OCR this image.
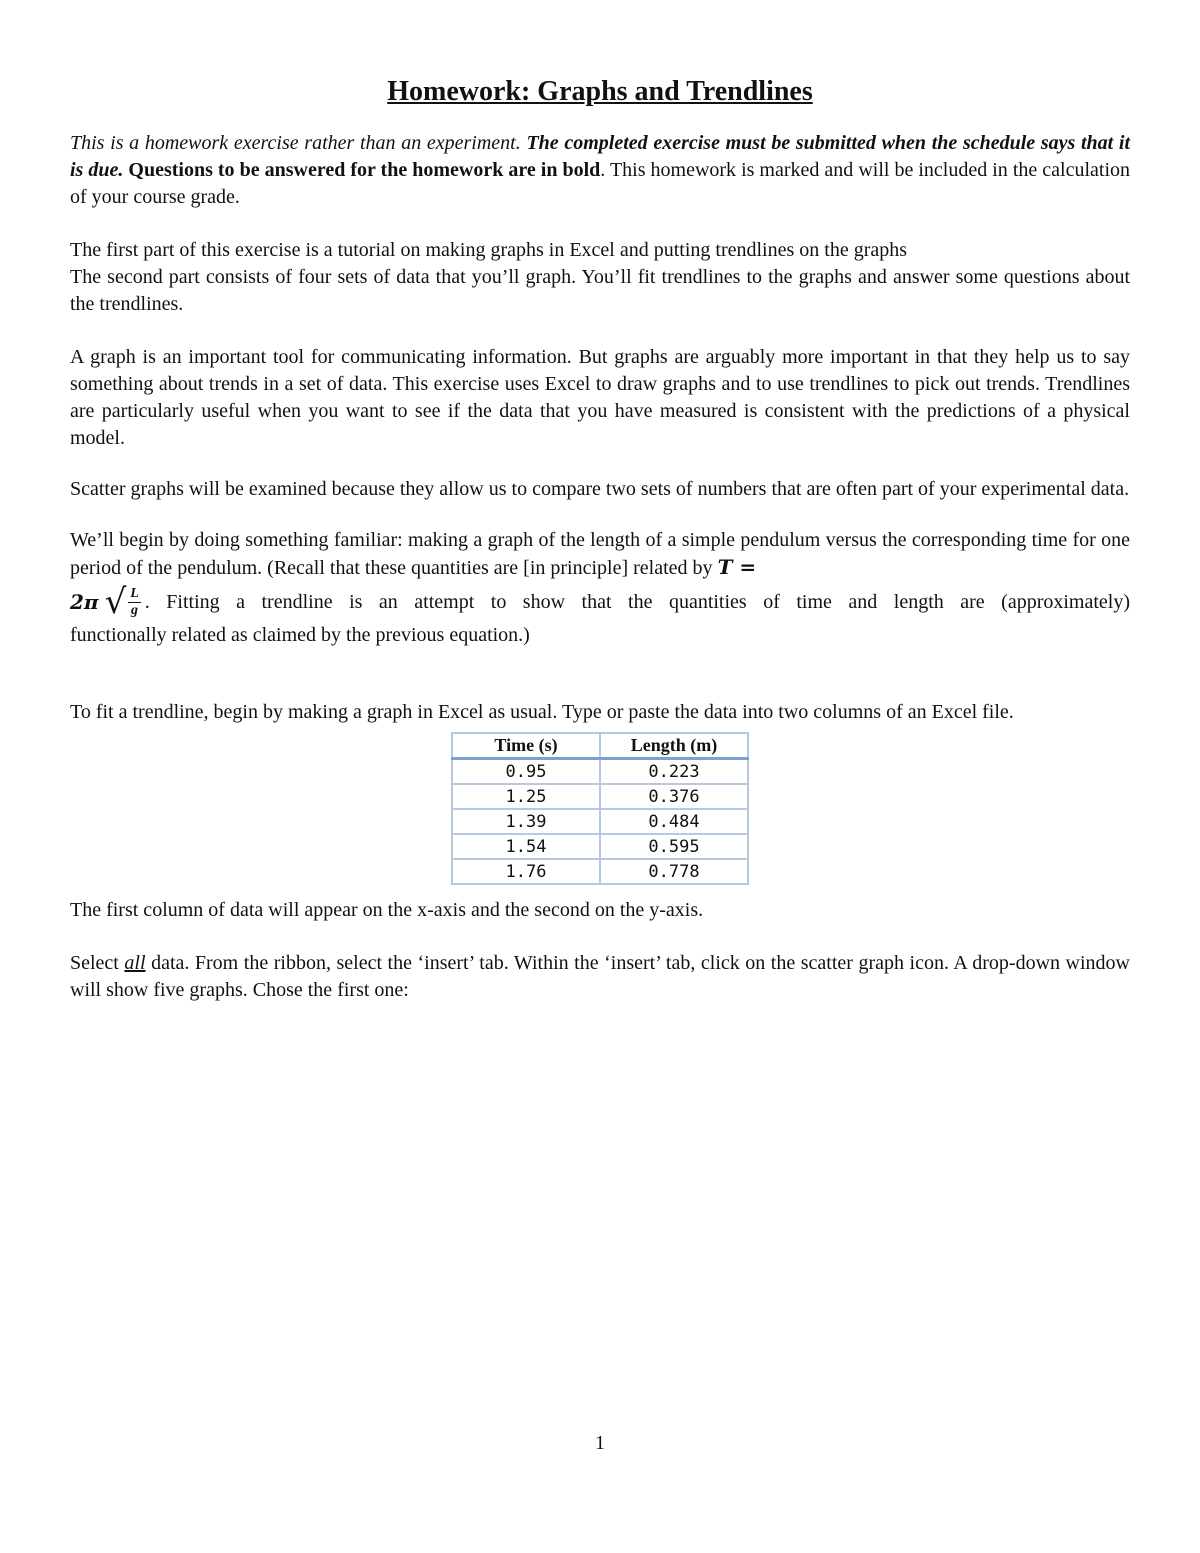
Homework: Graphs and Trendlines

This is a homework exercise rather than an experiment. The completed exercise must be submitted when the schedule says that it is due. Questions to be answered for the homework are in bold. This homework is marked and will be included in the calculation of your course grade.

The first part of this exercise is a tutorial on making graphs in Excel and putting trendlines on the graphs

The second part consists of four sets of data that you’ll graph. You’ll fit trendlines to the graphs and answer some questions about the trendlines.

A graph is an important tool for communicating information. But graphs are arguably more important in that they help us to say something about trends in a set of data. This exercise uses Excel to draw graphs and to use trendlines to pick out trends. Trendlines are particularly useful when you want to see if the data that you have measured is consistent with the predictions of a physical model.

Scatter graphs will be examined because they allow us to compare two sets of numbers that are often part of your experimental data.

We’ll begin by doing something familiar: making a graph of the length of a simple pendulum versus the corresponding time for one period of the pendulum. (Recall that these quantities are [in principle] related by T =

2π √ $\frac{L}{g}$ . Fitting a trendline is an attempt to show that the quantities of time and length are (approximately)

functionally related as claimed by the previous equation.)

To fit a trendline, begin by making a graph in Excel as usual. Type or paste the data into two columns of an Excel file.

Time (s)	Length (m)
0.95	0.223
1.25	0.376
1.39	0.484
1.54	0.595
1.76	0.778

The first column of data will appear on the x-axis and the second on the y-axis.

Select all data. From the ribbon, select the ‘insert’ tab. Within the ‘insert’ tab, click on the scatter graph icon. A drop-down window will show five graphs. Chose the first one:

1
